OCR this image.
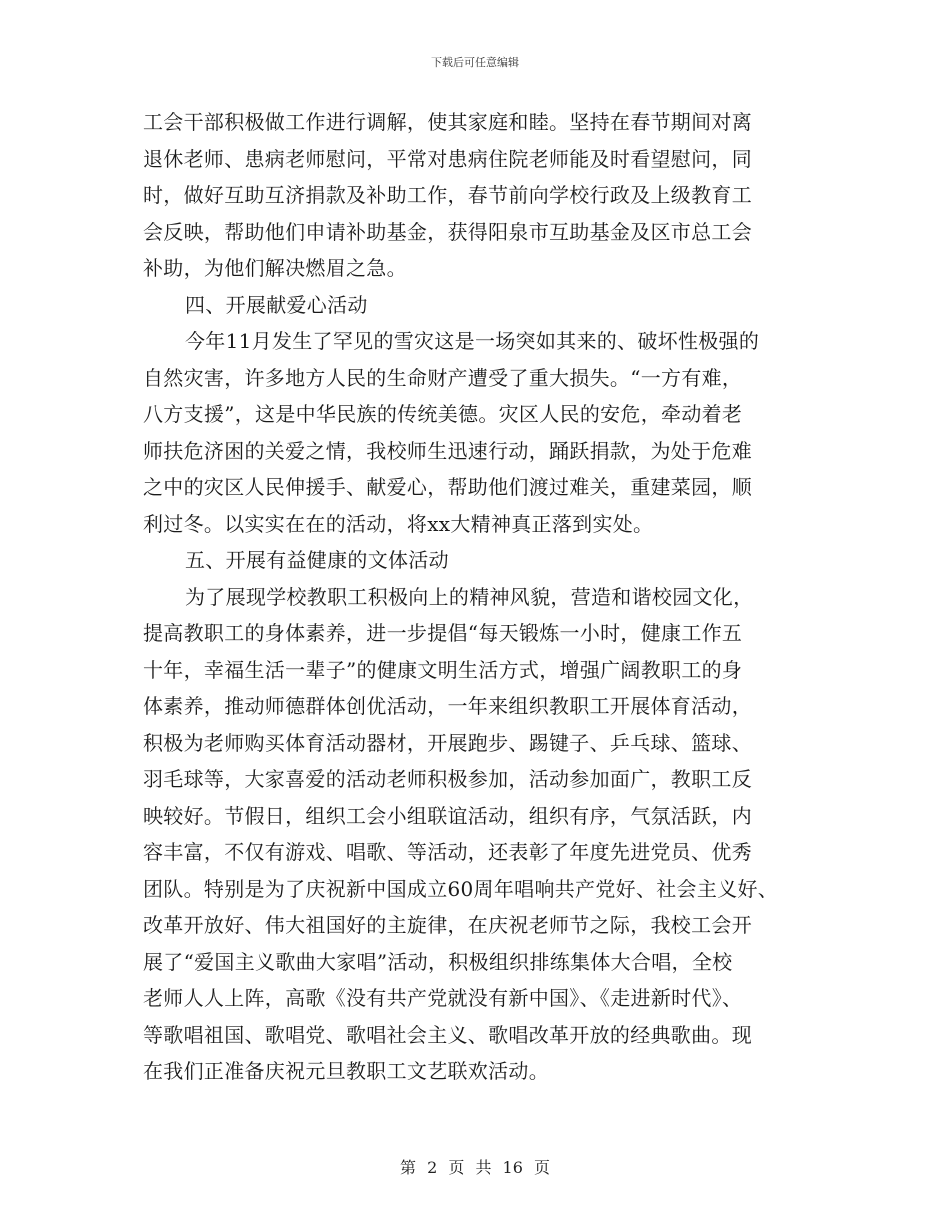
下载后可任意编辑
工会干部积极做工作进行调解，使其家庭和睦。坚持在春节期间对离
退休老师、患病老师慰问，平常对患病住院老师能及时看望慰问，同
时，做好互助互济捐款及补助工作，春节前向学校行政及上级教育工
会反映，帮助他们申请补助基金，获得阳泉市互助基金及区市总工会
补助，为他们解决燃眉之急。
四、开展献爱心活动
今年11月发生了罕见的雪灾这是一场突如其来的、破坏性极强的
自然灾害，许多地方人民的生命财产遭受了重大损失。“一方有难，
八方支援”，这是中华民族的传统美德。灾区人民的安危，牵动着老
师扶危济困的关爱之情，我校师生迅速行动，踊跃捐款，为处于危难
之中的灾区人民伸援手、献爱心，帮助他们渡过难关，重建菜园，顺
利过冬。以实实在在的活动，将xx大精神真正落到实处。
五、开展有益健康的文体活动
为了展现学校教职工积极向上的精神风貌，营造和谐校园文化，
提高教职工的身体素养，进一步提倡“每天锻炼一小时，健康工作五
十年，幸福生活一辈子”的健康文明生活方式，增强广阔教职工的身
体素养，推动师德群体创优活动，一年来组织教职工开展体育活动，
积极为老师购买体育活动器材，开展跑步、踢键子、乒乓球、篮球、
羽毛球等，大家喜爱的活动老师积极参加，活动参加面广，教职工反
映较好。节假日，组织工会小组联谊活动，组织有序，气氛活跃，内
容丰富，不仅有游戏、唱歌、等活动，还表彰了年度先进党员、优秀
团队。特别是为了庆祝新中国成立60周年唱响共产党好、社会主义好、
改革开放好、伟大祖国好的主旋律，在庆祝老师节之际，我校工会开
展了“爱国主义歌曲大家唱”活动，积极组织排练集体大合唱，全校
老师人人上阵，高歌《没有共产党就没有新中国》、《走进新时代》、
等歌唱祖国、歌唱党、歌唱社会主义、歌唱改革开放的经典歌曲。现
在我们正准备庆祝元旦教职工文艺联欢活动。
第 2 页 共 16 页
